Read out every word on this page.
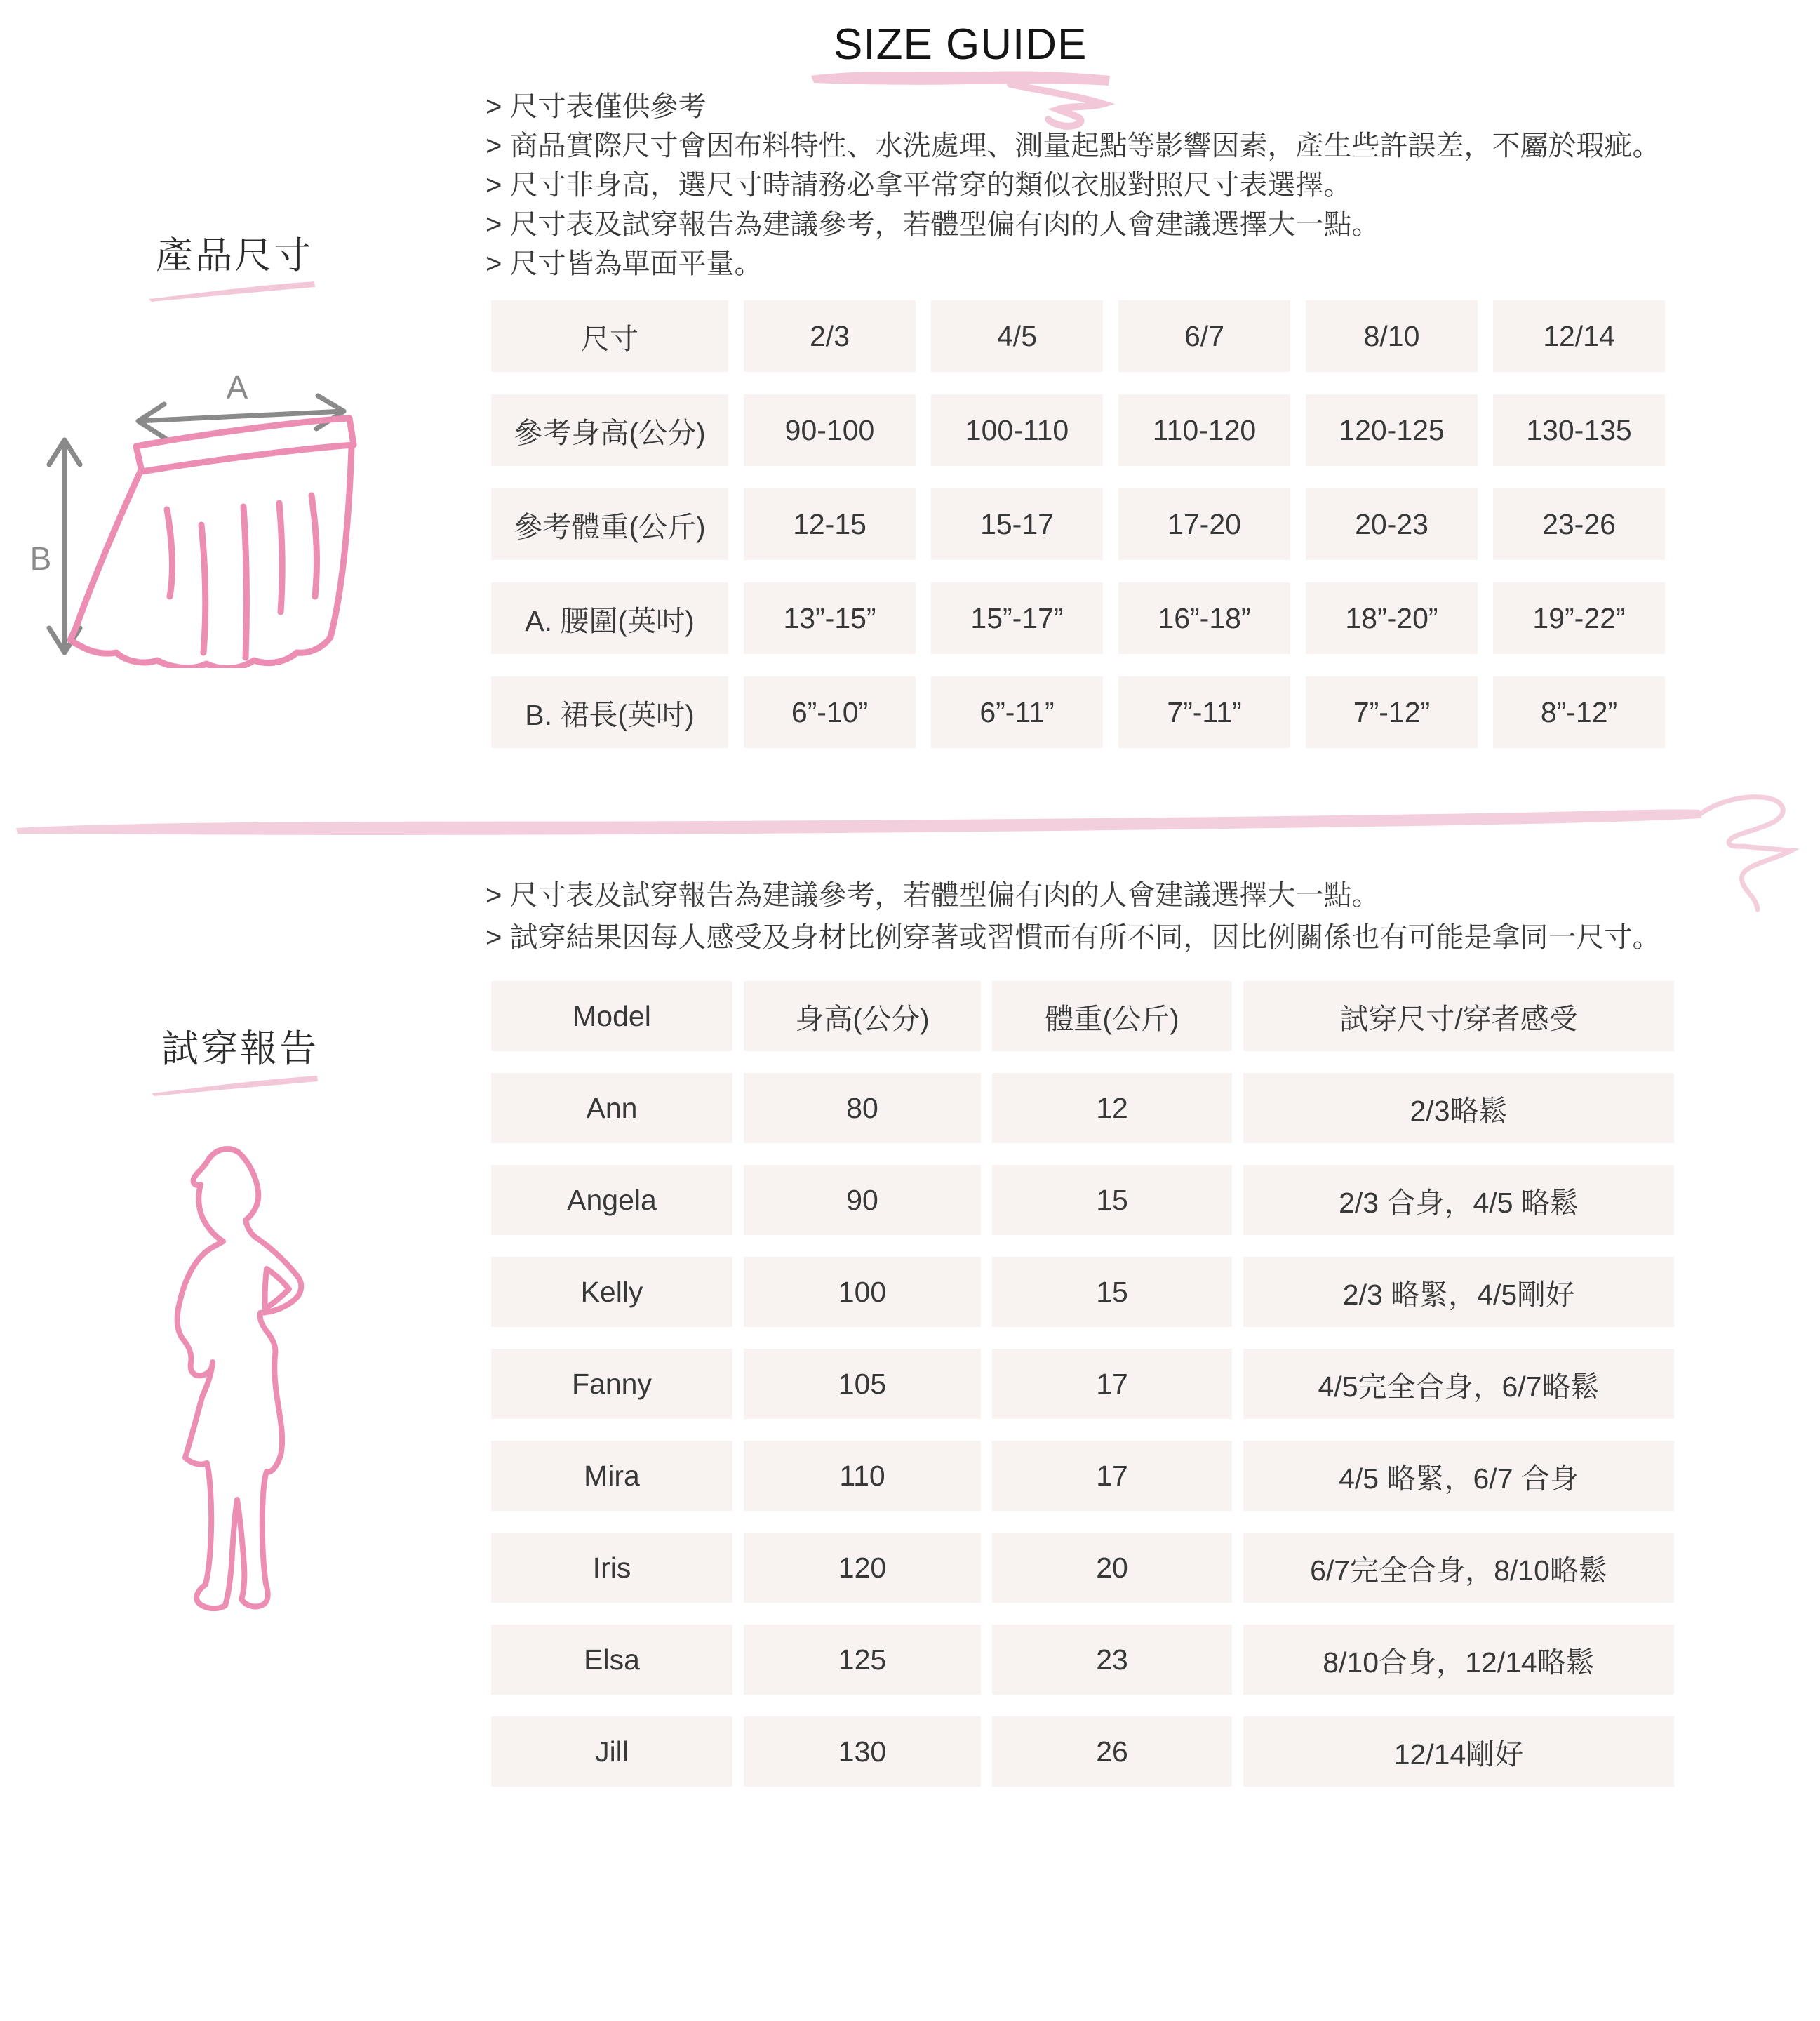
SIZE GUIDE
> 尺寸表僅供參考
> 商品實際尺寸會因布料特性、水洗處理、測量起點等影響因素，產生些許誤差，不屬於瑕疵。
> 尺寸非身高，選尺寸時請務必拿平常穿的類似衣服對照尺寸表選擇。
> 尺寸表及試穿報告為建議參考，若體型偏有肉的人會建議選擇大一點。
> 尺寸皆為單面平量。
產品尺寸
A
B
尺寸	2/3	4/5	6/7	8/10	12/14
參考身高(公分)	90-100	100-110	110-120	120-125	130-135
參考體重(公斤)	12-15	15-17	17-20	20-23	23-26
A. 腰圍(英吋)	13”-15”	15”-17”	16”-18”	18”-20”	19”-22”
B. 裙長(英吋)	6”-10”	6”-11”	7”-11”	7”-12”	8”-12”
> 尺寸表及試穿報告為建議參考，若體型偏有肉的人會建議選擇大一點。
> 試穿結果因每人感受及身材比例穿著或習慣而有所不同，因比例關係也有可能是拿同一尺寸。
試穿報告
Model	身高(公分)	體重(公斤)	試穿尺寸/穿者感受
Ann	80	12	2/3略鬆
Angela	90	15	2/3 合身，4/5 略鬆
Kelly	100	15	2/3 略緊，4/5剛好
Fanny	105	17	4/5完全合身，6/7略鬆
Mira	110	17	4/5 略緊，6/7 合身
Iris	120	20	6/7完全合身，8/10略鬆
Elsa	125	23	8/10合身，12/14略鬆
Jill	130	26	12/14剛好
